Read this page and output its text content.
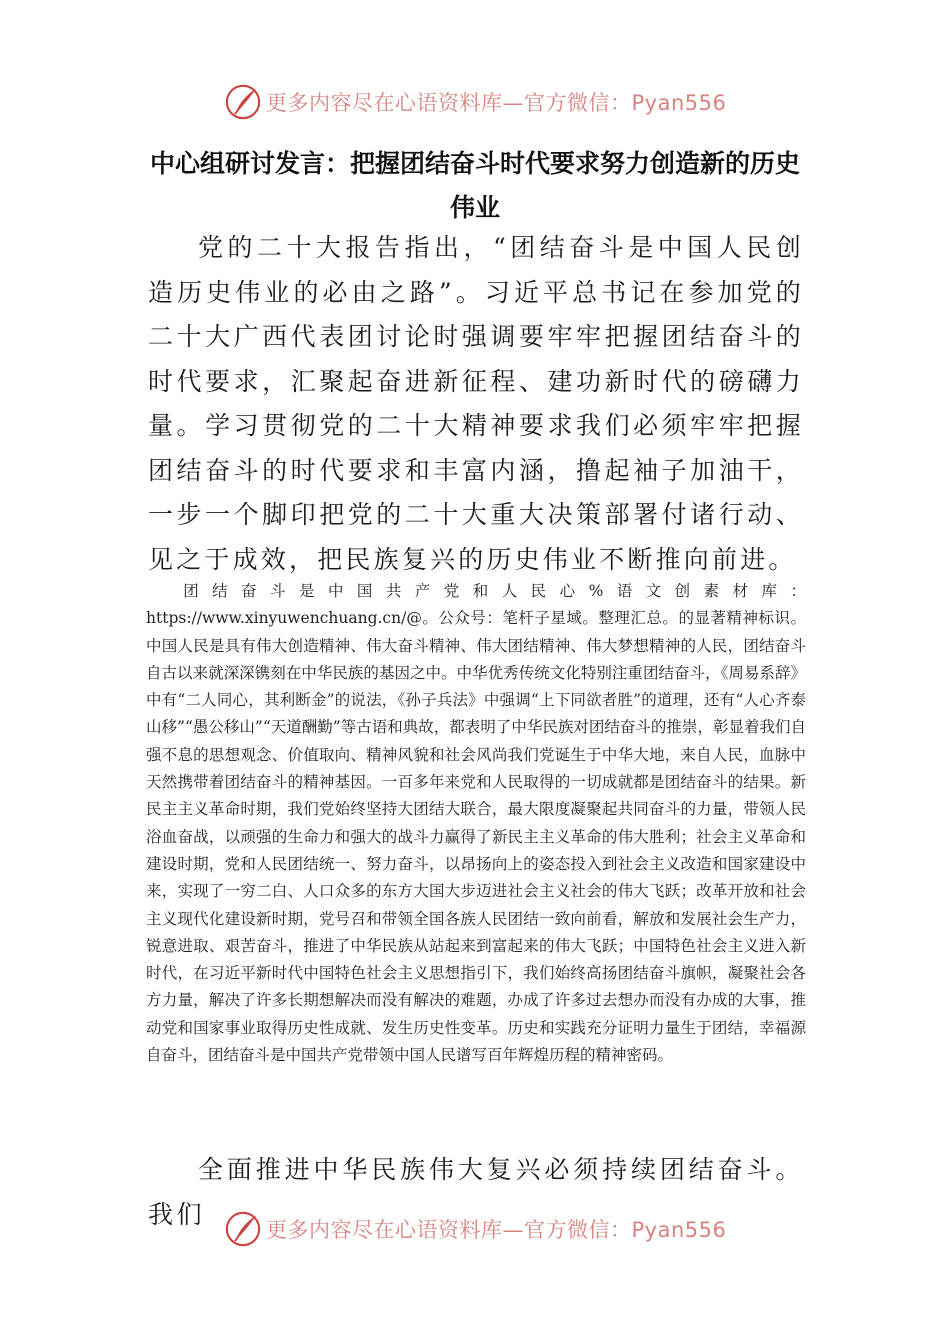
更多内容尽在心语资料库—官方微信：Pyan556
中心组研讨发言：把握团结奋斗时代要求努力创造新的历史伟业

党的二十大报告指出，“团结奋斗是中国人民创造历史伟业的必由之路”。习近平总书记在参加党的二十大广西代表团讨论时强调要牢牢把握团结奋斗的时代要求，汇聚起奋进新征程、建功新时代的磅礴力量。学习贯彻党的二十大精神要求我们必须牢牢把握团结奋斗的时代要求和丰富内涵，撸起袖子加油干，一步一个脚印把党的二十大重大决策部署付诸行动、见之于成效，把民族复兴的历史伟业不断推向前进。

团结奋斗是中国共产党和人民心%语文创素材库：https://www.xinyuwenchuang.cn/@。公众号：笔杆子星域。整理汇总。的显著精神标识。中国人民是具有伟大创造精神、伟大奋斗精神、伟大团结精神、伟大梦想精神的人民，团结奋斗自古以来就深深镌刻在中华民族的基因之中。中华优秀传统文化特别注重团结奋斗，《周易系辞》中有“二人同心，其利断金”的说法，《孙子兵法》中强调“上下同欲者胜”的道理，还有“人心齐泰山移”“愚公移山”“天道酬勤”等古语和典故，都表明了中华民族对团结奋斗的推崇，彰显着我们自强不息的思想观念、价值取向、精神风貌和社会风尚我们党诞生于中华大地，来自人民，血脉中天然携带着团结奋斗的精神基因。一百多年来党和人民取得的一切成就都是团结奋斗的结果。新民主主义革命时期，我们党始终坚持大团结大联合，最大限度凝聚起共同奋斗的力量，带领人民浴血奋战，以顽强的生命力和强大的战斗力赢得了新民主主义革命的伟大胜利；社会主义革命和建设时期，党和人民团结统一、努力奋斗，以昂扬向上的姿态投入到社会主义改造和国家建设中来，实现了一穷二白、人口众多的东方大国大步迈进社会主义社会的伟大飞跃；改革开放和社会主义现代化建设新时期，党号召和带领全国各族人民团结一致向前看，解放和发展社会生产力，锐意进取、艰苦奋斗，推进了中华民族从站起来到富起来的伟大飞跃；中国特色社会主义进入新时代，在习近平新时代中国特色社会主义思想指引下，我们始终高扬团结奋斗旗帜，凝聚社会各方力量，解决了许多长期想解决而没有解决的难题，办成了许多过去想办而没有办成的大事，推动党和国家事业取得历史性成就、发生历史性变革。历史和实践充分证明力量生于团结，幸福源自奋斗，团结奋斗是中国共产党带领中国人民谱写百年辉煌历程的精神密码。

全面推进中华民族伟大复兴必须持续团结奋斗。我们

更多内容尽在心语资料库—官方微信：Pyan556
